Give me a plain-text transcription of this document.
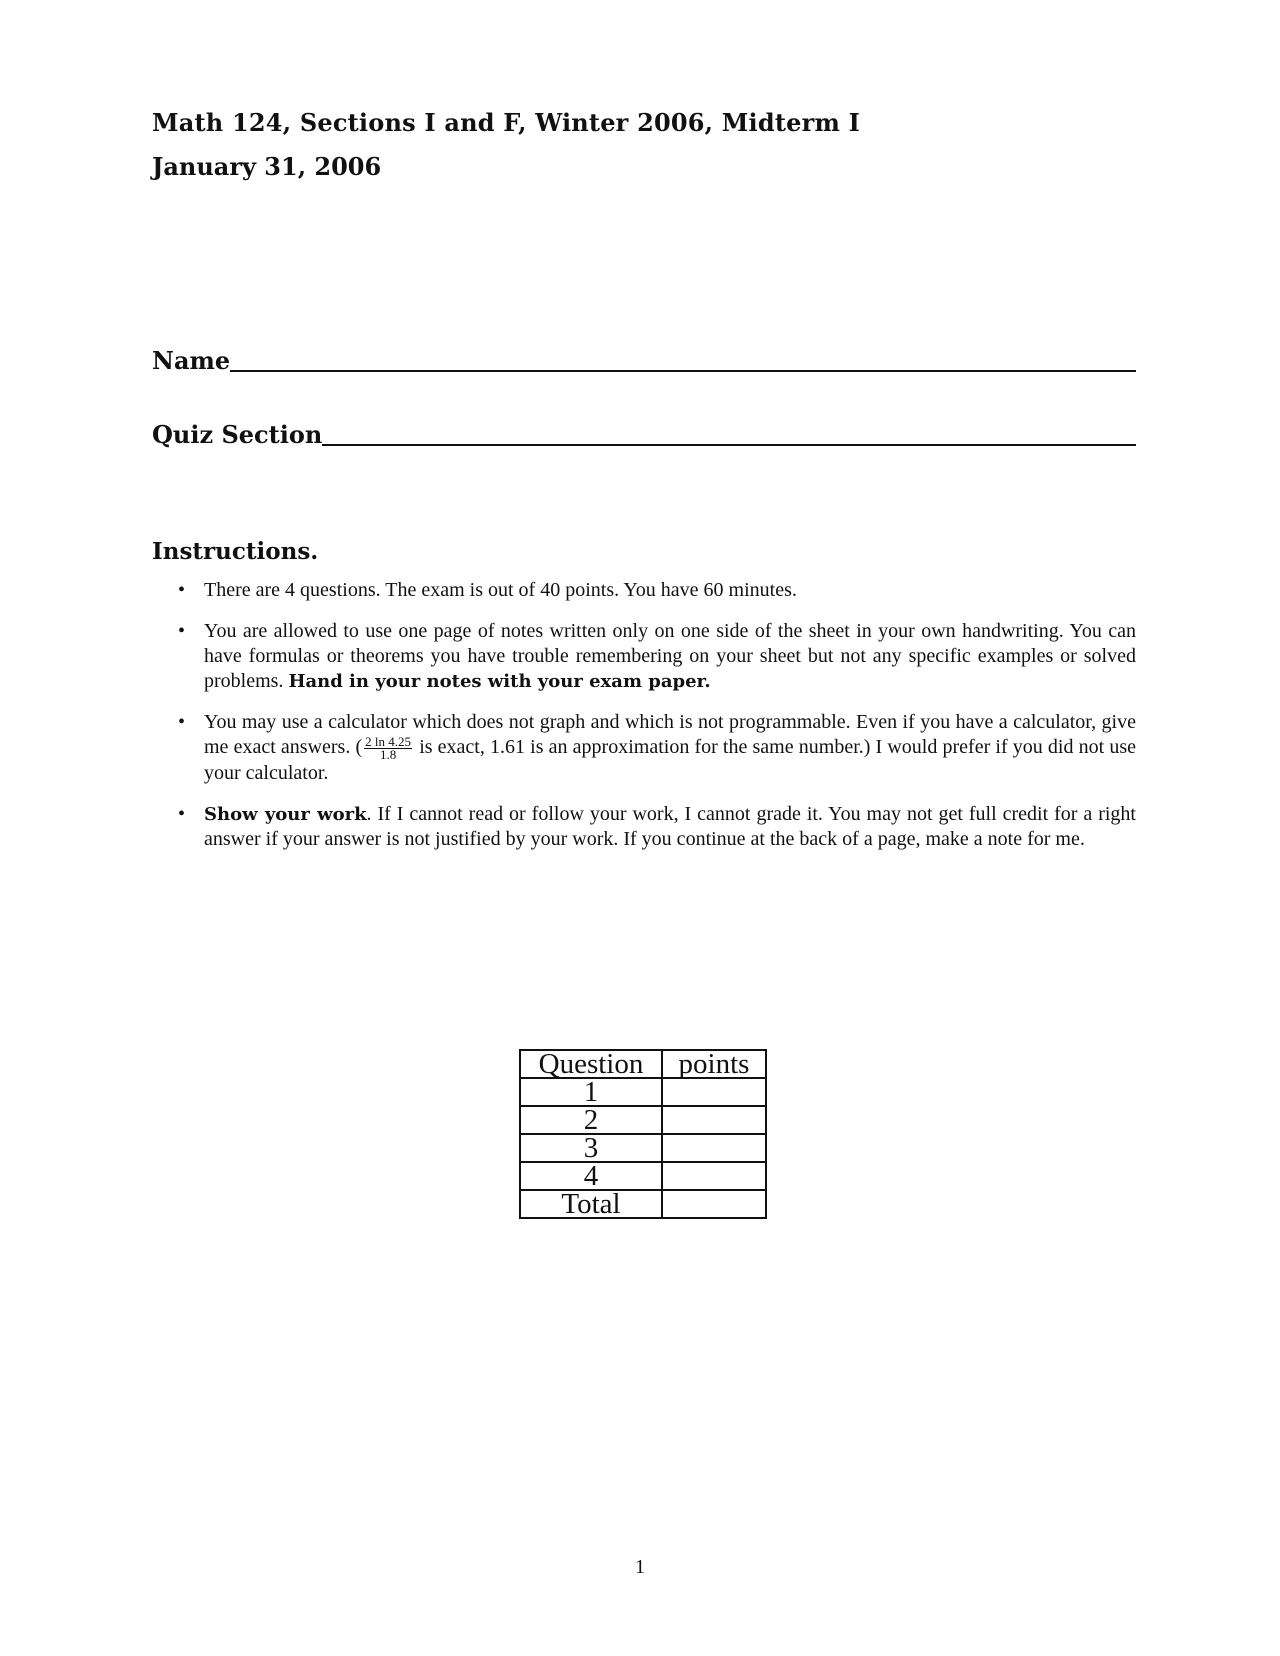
Math 124, Sections I and F, Winter 2006, Midterm I
January 31, 2006
Name
Quiz Section
Instructions.
• There are 4 questions. The exam is out of 40 points. You have 60 minutes.
• You are allowed to use one page of notes written only on one side of the sheet in your own handwriting. You can have formulas or theorems you have trouble remembering on your sheet but not any specific examples or solved problems. Hand in your notes with your exam paper.
• You may use a calculator which does not graph and which is not programmable. Even if you have a calculator, give me exact answers. ( $\frac{2 \ln 4.25}{1.8}$ is exact, 1.61 is an approximation for the same number.) I would prefer if you did not use your calculator.
• Show your work. If I cannot read or follow your work, I cannot grade it. You may not get full credit for a right answer if your answer is not justified by your work. If you continue at the back of a page, make a note for me.
Question	points
1	
2	
3	
4	
Total	
1
